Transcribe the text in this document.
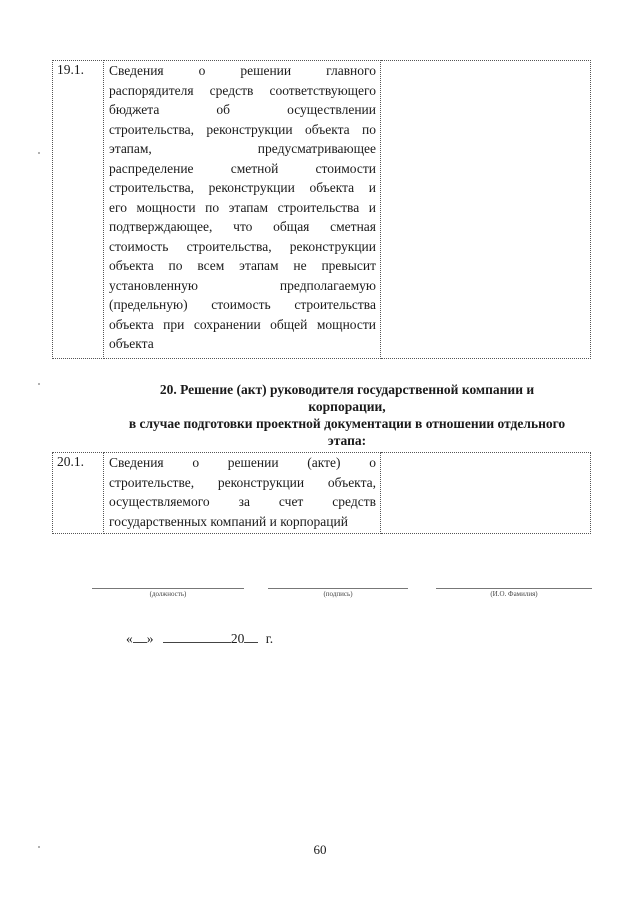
19.1.	Сведения о решении главного
распорядителя средств соответствующего
бюджета об осуществлении
строительства, реконструкции объекта по
этапам, предусматривающее
распределение сметной стоимости
строительства, реконструкции объекта и
его мощности по этапам строительства и
подтверждающее, что общая сметная
стоимость строительства, реконструкции
объекта по всем этапам не превысит
установленную предполагаемую
(предельную) стоимость строительства
объекта при сохранении общей мощности
объекта

20. Решение (акт) руководителя государственной компании и
корпорации,
в случае подготовки проектной документации в отношении отдельного
этапа:
20.1.	Сведения о решении (акте) о
строительстве, реконструкции объекта,
осуществляемого за счет средств
государственных компаний и корпораций

(должность)	(подпись)	(И.О. Фамилия)
« »	20 г.
60
